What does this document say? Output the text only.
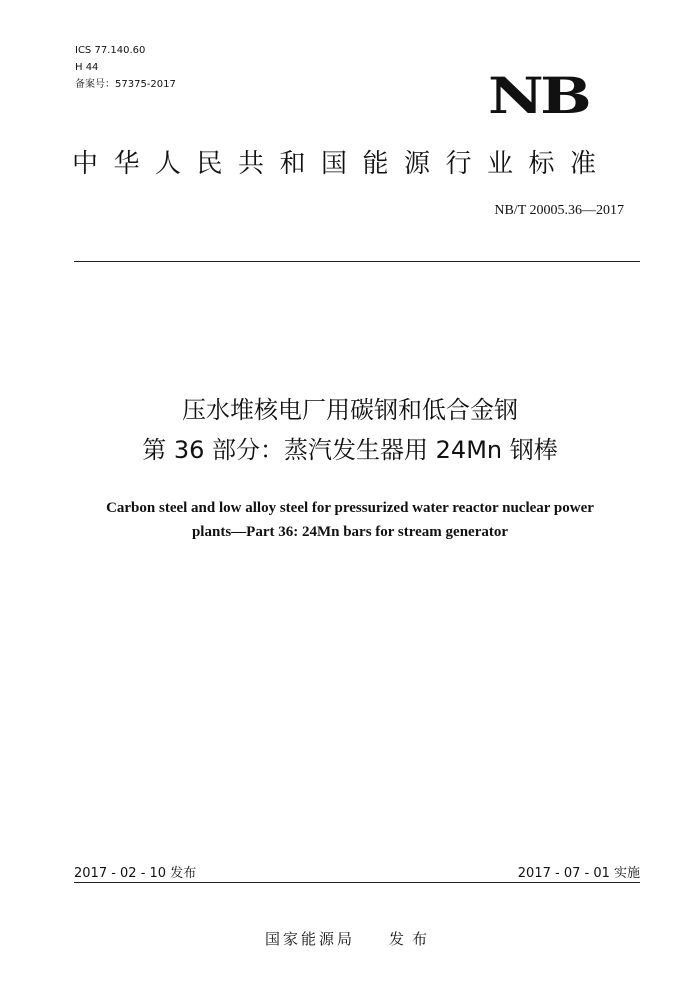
ICS 77.140.60
H 44
备案号：57375-2017	NB
中华人民共和国能源行业标准
NB/T 20005.36—2017
压水堆核电厂用碳钢和低合金钢
第 36 部分：蒸汽发生器用 24Mn 钢棒
Carbon steel and low alloy steel for pressurized water reactor nuclear power
plants—Part 36: 24Mn bars for stream generator
2017 - 02 - 10 发布	2017 - 07 - 01 实施
国家能源局 发布
